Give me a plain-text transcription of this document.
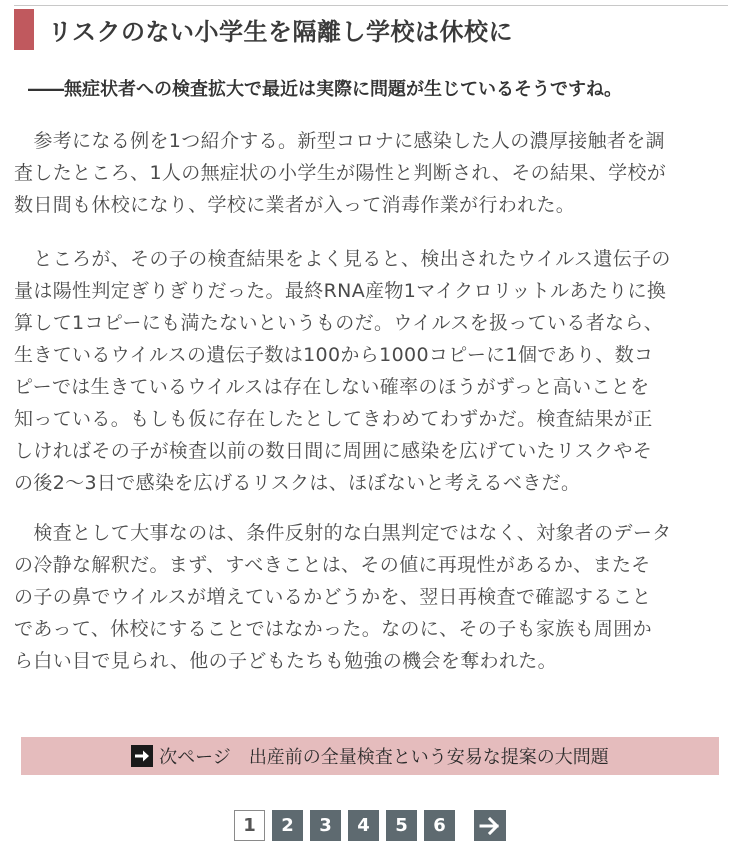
リスクのない小学生を隔離し学校は休校に
――無症状者への検査拡大で最近は実際に問題が生じているそうですね。
　参考になる例を1つ紹介する。新型コロナに感染した人の濃厚接触者を調
査したところ、1人の無症状の小学生が陽性と判断され、その結果、学校が
数日間も休校になり、学校に業者が入って消毒作業が行われた。
　ところが、その子の検査結果をよく見ると、検出されたウイルス遺伝子の
量は陽性判定ぎりぎりだった。最終RNA産物1マイクロリットルあたりに換
算して1コピーにも満たないというものだ。ウイルスを扱っている者なら、
生きているウイルスの遺伝子数は100から1000コピーに1個であり、数コ
ピーでは生きているウイルスは存在しない確率のほうがずっと高いことを
知っている。もしも仮に存在したとしてきわめてわずかだ。検査結果が正
しければその子が検査以前の数日間に周囲に感染を広げていたリスクやそ
の後2～3日で感染を広げるリスクは、ほぼないと考えるべきだ。
　検査として大事なのは、条件反射的な白黒判定ではなく、対象者のデータ
の冷静な解釈だ。まず、すべきことは、その値に再現性があるか、またそ
の子の鼻でウイルスが増えているかどうかを、翌日再検査で確認すること
であって、休校にすることではなかった。なのに、その子も家族も周囲か
ら白い目で見られ、他の子どもたちも勉強の機会を奪われた。
次ページ　 出産前の全量検査という安易な提案の大問題
1	2	3	4	5	6
